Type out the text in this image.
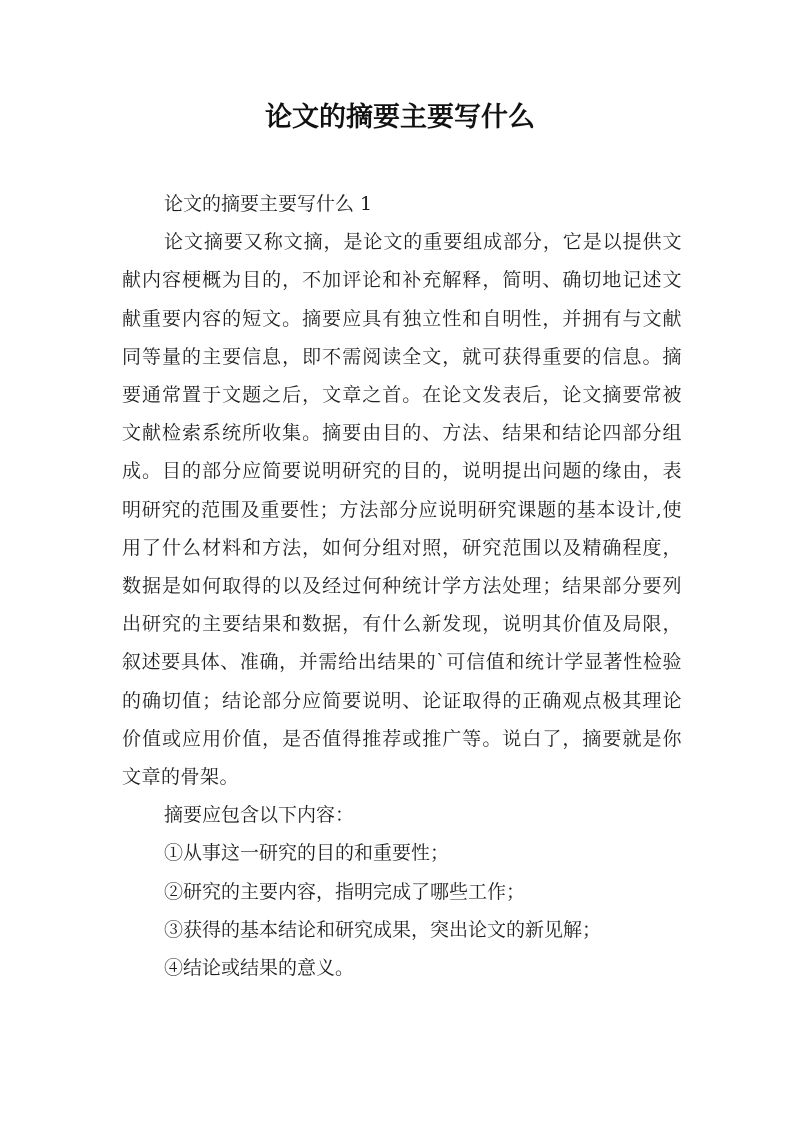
论文的摘要主要写什么

论文的摘要主要写什么 1

论文摘要又称文摘，是论文的重要组成部分，它是以提供文献内容梗概为目的，不加评论和补充解释，简明、确切地记述文献重要内容的短文。摘要应具有独立性和自明性，并拥有与文献同等量的主要信息，即不需阅读全文，就可获得重要的信息。摘要通常置于文题之后，文章之首。在论文发表后，论文摘要常被文献检索系统所收集。摘要由目的、方法、结果和结论四部分组成。目的部分应简要说明研究的目的，说明提出问题的缘由，表明研究的范围及重要性；方法部分应说明研究课题的基本设计,使用了什么材料和方法，如何分组对照，研究范围以及精确程度，数据是如何取得的以及经过何种统计学方法处理；结果部分要列出研究的主要结果和数据，有什么新发现，说明其价值及局限，叙述要具体、准确，并需给出结果的`可信值和统计学显著性检验的确切值；结论部分应简要说明、论证取得的正确观点极其理论价值或应用价值，是否值得推荐或推广等。说白了，摘要就是你文章的骨架。

摘要应包含以下内容：

①从事这一研究的目的和重要性；

②研究的主要内容，指明完成了哪些工作；

③获得的基本结论和研究成果，突出论文的新见解；

④结论或结果的意义。
